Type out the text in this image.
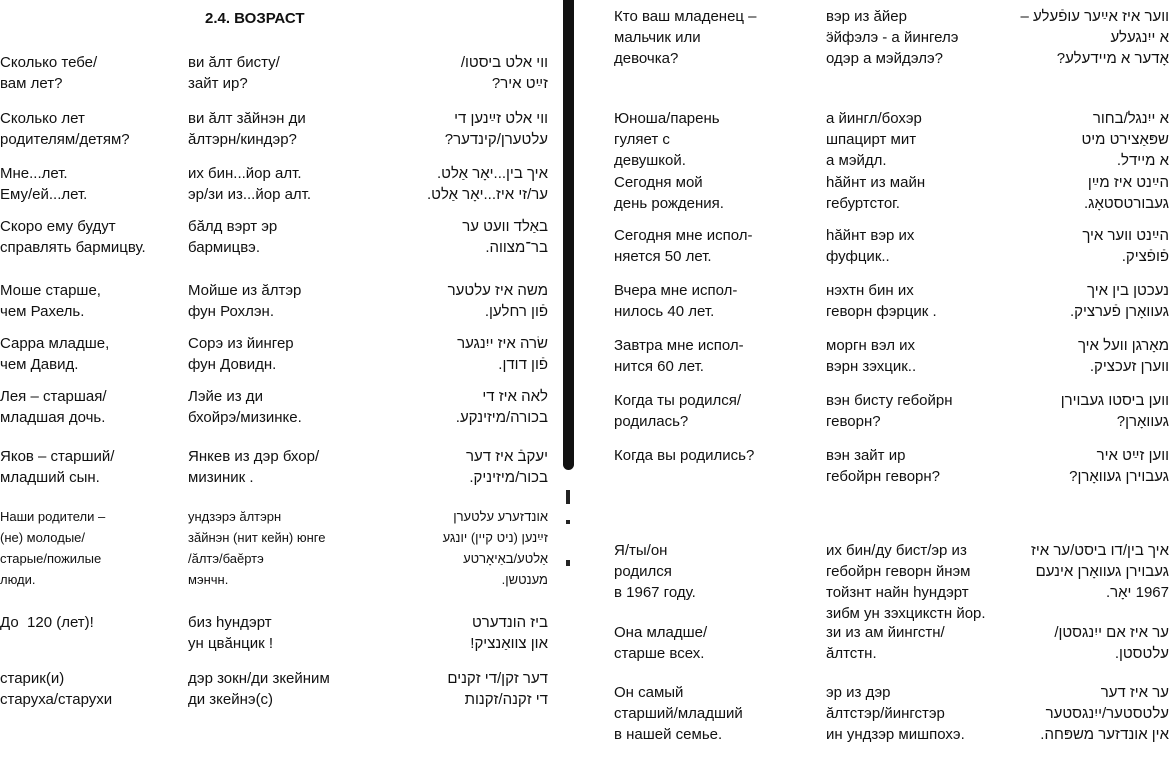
2.4. ВОЗРАСТ
Сколько тебе/
вам лет?
ви ӑлт бисту/
зайт ир?
ווי אלט ביסטו/
זײַט איר?
Сколько лет
родителям/детям?
ви ӑлт зӑйнэн ди
ӑлтэрн/киндэр?
ווי אלט זײַנען די
עלטערן/קינדער?
Мне...лет.
Ему/ей...лет.
их бин...йор алт.
эр/зи из...йор алт.
איך בין...יאָר אַלט.
ער/זי איז...יאָר אַלט.
Скоро ему будут
справлять бармицву.
бӑлд вэрт эр
бармицвэ.
באַלד וועט ער
בר־מצווה.
Моше старше,
чем Рахель.
Мойше из ӑлтэр
фун Рохлэн.
משה איז עלטער
פֿון רחלען.
Сарра младше,
чем Давид.
Сорэ из йингер
фун Довидн.
שׂרה איז ייִנגער
פֿון דודן.
Лея – старшая/
младшая дочь.
Лэйе из ди
бхойрэ/мизинке.
לאה איז די
בכורה/מיזינקע.
Яков – старший/
младший сын.
Янкев из дэр бхор/
мизиник .
יעקבֿ איז דער
בכור/מיזיניק.
Наши родители –
(не) молодые/
старые/пожилые
люди.
ундзэрэ ӑлтэрн
зӑйнэн (нит кейн) юнге
/ӑлтэ/баӗртэ
мэнчн.
אונדזערע עלטערן
זײַנען (ניט קיין) יונגע
אַלטע/באַיאָרטע
מענטשן.
До  120 (лет)!	биз hундэрт
ун цвӑнцик !
ביז הונדערט
און צוואַנציק!
старик(и)
старуха/старухи
дэр зокн/ди зкейним
ди зкейнэ(с)
דער זקן/די זקנים
די זקנה/זקנות
Кто ваш младенец –
мальчик или
девочка?
вэр из ӑйер
ӭйфэлэ - а йингелэ
одэр а мэйдэлэ?
ווער איז אײַער עופֿעלע –
א ייִנגעלע
אָדער א מיידעלע?
Юноша/парень
гуляет с
девушкой.
а йингл/бохэр
шпацирт мит
а мэйдл.
א ייִנגל/בחור
שפּאַצירט מיט
א מיידל.
Сегодня мой
день рождения.
hӑйнт из майн
гебуртстог.
הײַנט איז מײַן
געבורטסטאָג.
Сегодня мне испол-
няется 50 лет.
hӑйнт вэр их
фуфцик..
הײַנט ווער איך
פֿופֿציק.
Вчера мне испол-
нилось 40 лет.
нэхтн бин их
геворн фэрцик .
נעכטן בין איך
געוואָרן פֿערציק.
Завтра мне испол-
нится 60 лет.
моргн вэл их
вэрн зэхцик..
מאָרגן וועל איך
ווערן זעכציק.
Когда ты родился/
родилась?
вэн бисту гебойрн
геворн?
ווען ביסטו געבוירן
געוואָרן?
Когда вы родились?	вэн зайт ир
гебойрн геворн?
ווען זײַט איר
געבוירן געוואָרן?
Я/ты/он
родился
в 1967 году.
их бин/ду бист/эр из
гебойрн геворн йнэм
тойзнт найн hундэрт
зибм ун зэхцикстн йор.
איך בין/דו ביסט/ער איז
געבוירן געוואָרן אינעם
1967 יאָר.
Она младше/
старше всех.
зи из ам йингстн/
ӑлтстн.
ער איז אם ייִנגסטן/
עלטסטן.
Он самый
старший/младший
в нашей семье.
эр из дэр
ӑлтстэр/йингстэр
ин ундзэр мишпохэ.
ער איז דער
עלטסטער/ייִנגסטער
אין אונדזער משפּחה.
